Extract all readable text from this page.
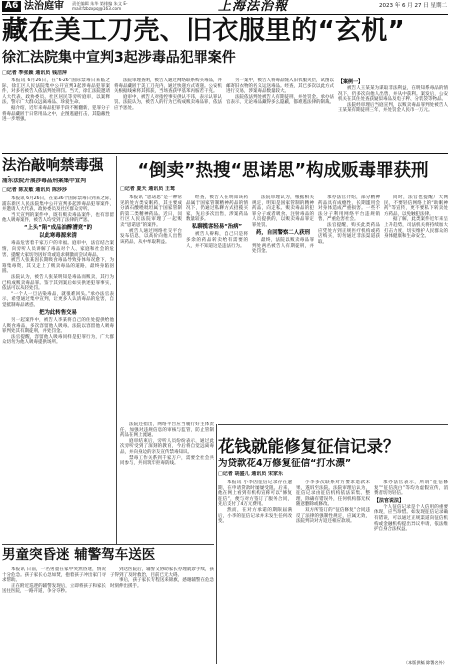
A6 法治庭审 责任编辑 朱华 第排编 朱文 E-mail:fzbzxpq@163.com	上海法治報	2023 年 6 月 27 日 星期二
藏在美工刀壳、旧衣服里的“玄机”
徐汇法院集中宣判3起涉毒品犯罪案件
□记者 季张颖 通讯员 钱洁萍

本报讯 6月26日，在“6·26”国际禁毒日来临之际，徐汇区人民法院集中公开宣判3起涉毒品犯罪案件，对多名被告人依法判处刑罚。当天，徐汇法院邀请人大代表、政协委员、社区居民等旁听庭审，以案释法，警示广大群众远离毒品、珍爱生命。

据介绍，近年来毒品犯罪手段不断翻新，犯罪分子将毒品藏匿于日常用品之中，企图逃避打击，其隐蔽性进一步增强。

法院审理查明，被告人通过网络联系购买毒品，并将毒品藏匿于美工刀壳内，通过快递方式寄递。公安机关根据线索将其抓获，当场查获甲基苯丙胺若干克。

庭审中，被告人对指控事实供认不讳，表示认罪认罚。法院认为，被告人的行为已构成贩卖毒品罪，依法应予惩处。

另一案中，被告人将毒品缝入旧衣服夹层，试图以邮寄旧衣物的名义运送毒品。经查，其已多次以此方式进行交易，涉案毒品数量较大。

法院依法判处被告人有期徒刑，并处罚金。承办法官表示，无论毒品藏得多么隐蔽，都难逃法律的制裁。

【案例一】

被告人王某某为谋取非法利益，在明知系毒品的情况下，仍多次向他人出售，并从中获利。案发后，公安机关在其住处查获疑似毒品及电子秤、分装袋等物品。

法院经审理后当庭宣判，以贩卖毒品罪判处被告人王某某有期徒刑三年，并处罚金人民币一万元。

法治敲响禁毒强
浦东法院开展涉毒品刑案集中宣判
□记者 陈友敏 通讯员 陈莎莎

本报讯 6月26日，在第36个国际禁毒日到来之际，浦东新区人民法院集中公开宣判多起涉毒品犯罪案件，并邀请人大代表、政协委员及社区群众旁听。

当天宣判的案件中，既有贩卖毒品案件，也有容留他人吸毒案件，被告人均受到了法律的严惩。

“上头”陷“成品油醉漕竞”的

以此寒毒源来清

毒品危害着千家万户的幸福。庭审中，法官结合案情，向旁听人员讲解了毒品对个人、家庭和社会的危害，提醒大家切勿因好奇或追求刺激而尝试毒品。

被告人张某因长期吸食毒品导致身体每况愈下，为筹集毒资，其又走上了贩卖毒品的道路，最终身陷囹圄。

法院认为，被告人张某明知是毒品而贩卖，其行为已构成贩卖毒品罪。鉴于其到案后如实供述犯罪事实，依法可以从轻处罚。

“一个人一旦沾染毒品，就很难回头。”承办法官表示，希望通过集中宣判，让更多人认清毒品的危害，自觉抵制毒品诱惑。

把为此转售交易

另一起案件中，被告人李某将自己的住处提供给他人吸食毒品，多次容留他人吸毒。法院以容留他人吸毒罪判处其有期徒刑，并处罚金。

法官提醒，容留他人吸毒同样是犯罪行为，广大群众切勿为他人吸毒提供场所。

“倒卖”热搜“思诺思”构成贩毒罪获刑
□记者 夏天 通讯员 王鸾

本报讯 “思诺思”是一种常见的处方类安眠药，其主要成分酒石酸唑吡坦属于国家管制的第二类精神药品。近日，闵行区人民法院审理了一起贩卖“思诺思”的案件。

被告人通过网络社交平台发布信息，以高价向他人出售该药品，从中牟取利益。

经查，被告人在明知该药品属于国家管制精神药品的情况下，仍通过私聊方式招揽买家，先后多次出售，涉案药品数量较多。

私聊揽客轻易“治病”

被告人辩称，自己只是将多余的药品转卖给有需要的人，并不知道这是违法行为。

法院审理认为，根据相关规定，明知是国家管制的精神药品，向走私、贩卖毒品的犯罪分子或者吸食、注射毒品的人员提供的，以贩卖毒品罪定罪处罚。

药，自回警察二人获刑

最终，法院以贩卖毒品罪判处两名被告人有期徒刑，并处罚金。

承办法官介绍，部分精神药品具有成瘾性，长期滥用会对身体造成严重损害。一些不法分子利用网络平台违规销售，严重危害社会。

法官提醒，购买此类药品应凭处方到正规医疗机构或药店购买，切勿通过非法渠道获取。

同时，法官也提醒广大网民，不要轻信网络上的“助眠神药”等宣传，更不要私下转卖处方药品，以免触犯法律。

据了解，此类案件近年来呈上升趋势，司法机关将持续加大打击力度，切实维护人民群众的身体健康和生命安全。

法院还指出，网络平台应当履行好主体责任，加强对违规信息的审核与监管，防止管制药品在网上流通。

庭审结束后，旁听人员纷纷表示，通过此次旁听受到了深刻的教育，今后将自觉远离毒品，并向身边的亲友宣传禁毒知识。

禁毒工作关系到千家万户，需要全社会共同参与，共同筑牢拒毒防线。

花钱就能修复征信记录？
为贷款花4万修复征信“打水漂”
□记者 胡盛儿 通讯员 宋家乐

本报讯 小李因征信记录存在逾期，在申请贷款时屡屡受阻。后来，他在网上看到有机构宣称可以“修复征信”，便与对方签订了服务合同，先后支付了4万元费用。

然而，在对方承诺的期限届满后，小李的征信记录并未发生任何改变。

小李多次联系对方要求退款未果，遂诉至法院。法院审理后认为，征信记录由征信机构依法采集、整理，除确有错误外，任何机构都无权随意删除或修改。

双方所签订的“征信修复”合同违反了法律的强制性规定，应属无效，法院判决对方返还相应款项。

承办法官表示，所谓“征信修复”“征信洗白”等均为虚假宣传，消费者切勿轻信。

【法官说法】

个人征信记录是个人信用的重要体现，应当珍惜。如发现征信记录确有错误，可以通过正规渠道向征信机构或金融机构提出异议申请，依法维护自身合法权益。

（本版供稿 除署名外）
男童突昏迷 辅警驾车送医

本报讯 日前，一名男童在家中突然昏迷，情况十分危急。孩子家长心急如焚，抱着孩子冲出家门寻求帮助。

正在附近巡逻的辅警发现后，立即将孩子和家长送往医院，一路开道，争分夺秒。

到达医院后，辅警又协助家长办理就诊手续，孩子得到了及时救治，目前已无大碍。

事后，孩子家长专程送来锦旗，感谢辅警在危急时刻伸出援手。
